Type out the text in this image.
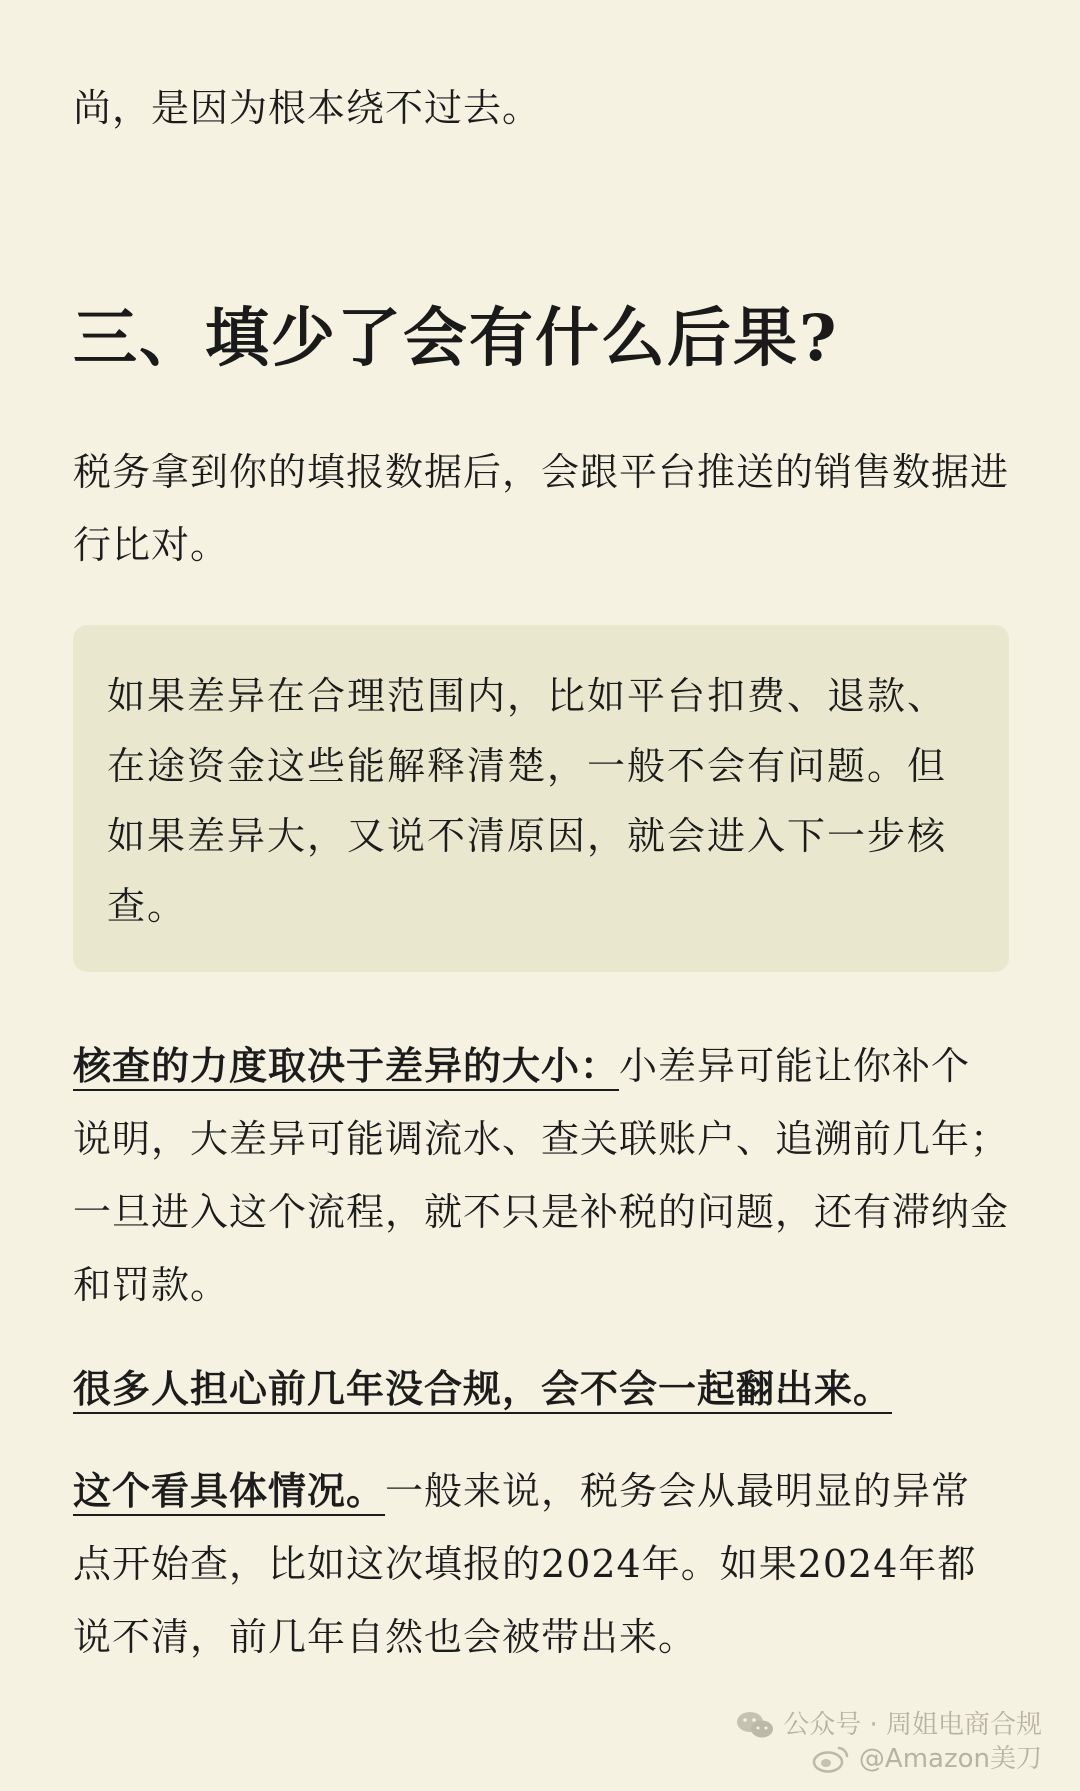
尚，是因为根本绕不过去。

三、填少了会有什么后果?

税务拿到你的填报数据后，会跟平台推送的销售数据进行比对。

如果差异在合理范围内，比如平台扣费、退款、在途资金这些能解释清楚，一般不会有问题。但如果差异大，又说不清原因，就会进入下一步核查。

核查的力度取决于差异的大小：小差异可能让你补个说明，大差异可能调流水、查关联账户、追溯前几年；一旦进入这个流程，就不只是补税的问题，还有滞纳金和罚款。

很多人担心前几年没合规，会不会一起翻出来。

这个看具体情况。一般来说，税务会从最明显的异常点开始查，比如这次填报的2024年。如果2024年都说不清，前几年自然也会被带出来。

公众号 · 周姐电商合规
@Amazon美刀
